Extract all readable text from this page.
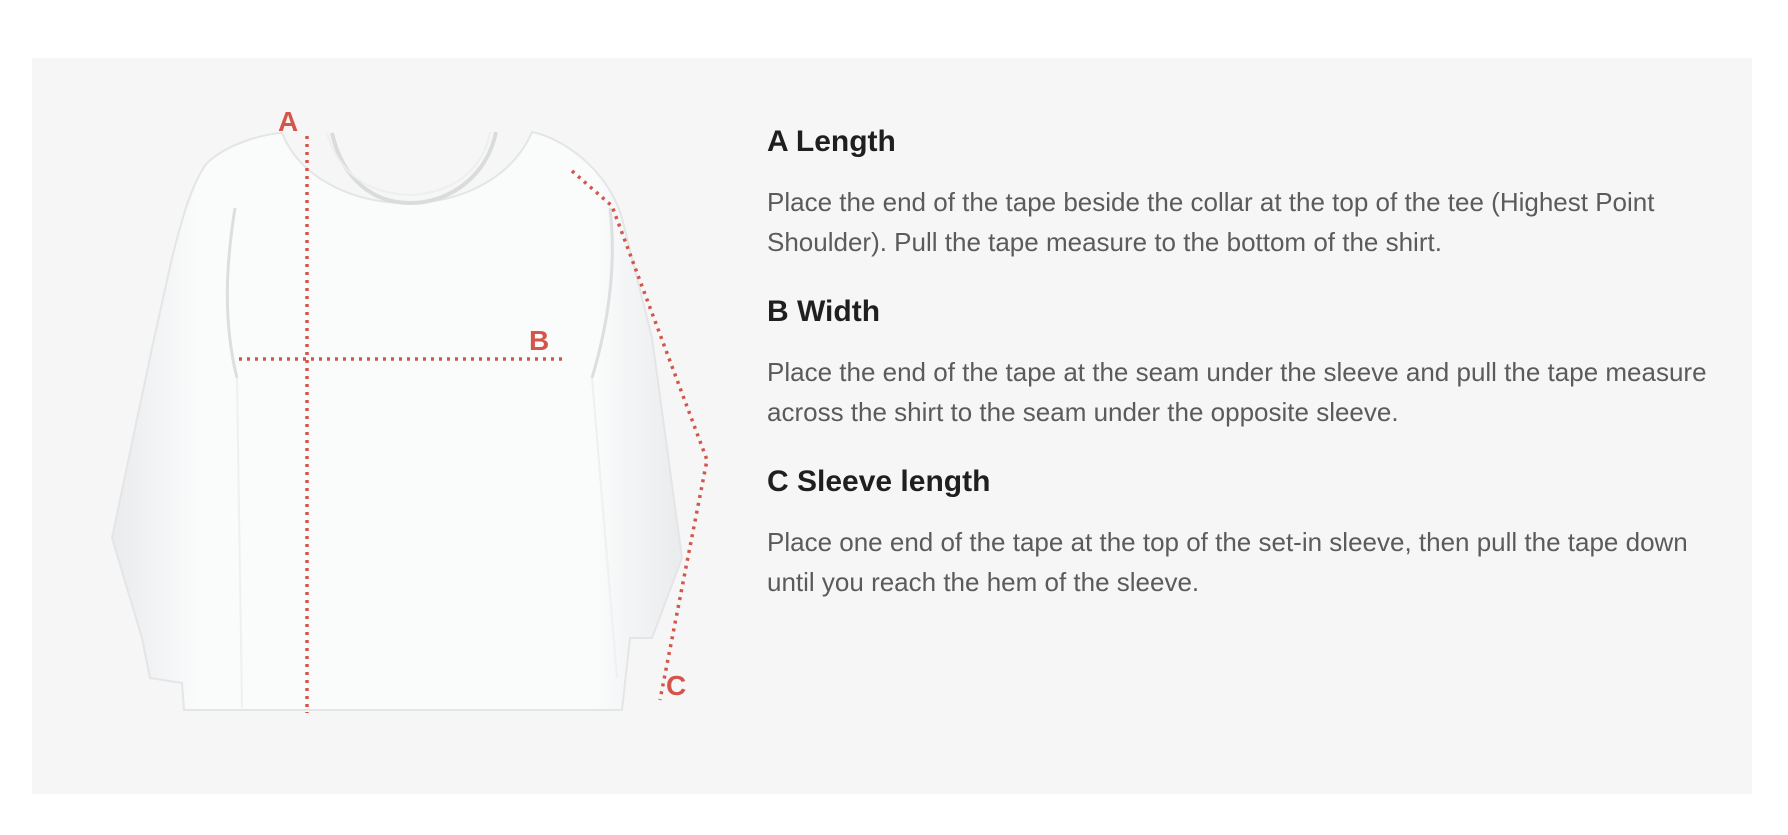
A
B
C
A Length

Place the end of the tape beside the collar at the top of the tee (Highest Point Shoulder). Pull the tape measure to the bottom of the shirt.

B Width

Place the end of the tape at the seam under the sleeve and pull the tape measure across the shirt to the seam under the opposite sleeve.

C Sleeve length

Place one end of the tape at the top of the set-in sleeve, then pull the tape down until you reach the hem of the sleeve.
